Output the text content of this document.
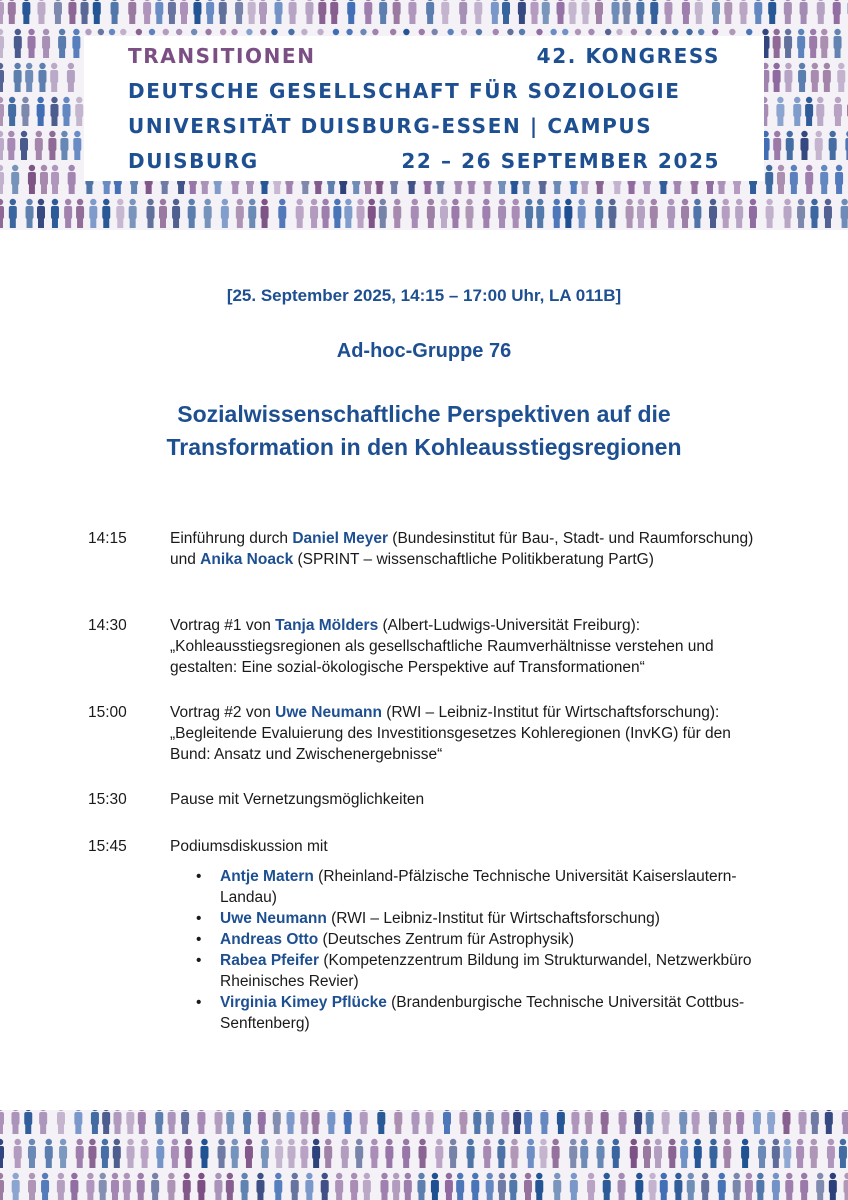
TRANSITIONEN	42. KONGRESS
DEUTSCHE GESELLSCHAFT FÜR SOZIOLOGIE
UNIVERSITÄT DUISBURG-ESSEN | CAMPUS
DUISBURG	22 – 26 SEPTEMBER 2025
[25. September 2025, 14:15 – 17:00 Uhr, LA 011B]
Ad-hoc-Gruppe 76
Sozialwissenschaftliche Perspektiven auf die
Transformation in den Kohleausstiegsregionen
14:15	Einführung durch Daniel Meyer (Bundesinstitut für Bau-, Stadt- und Raumforschung) und Anika Noack (SPRINT – wissenschaftliche Politikberatung PartG)
14:30	Vortrag #1 von Tanja Mölders (Albert-Ludwigs-Universität Freiburg): „Kohleausstiegsregionen als gesellschaftliche Raumverhältnisse verstehen und gestalten: Eine sozial-ökologische Perspektive auf Transformationen“
15:00	Vortrag #2 von Uwe Neumann (RWI – Leibniz-Institut für Wirtschaftsforschung): „Begleitende Evaluierung des Investitionsgesetzes Kohleregionen (InvKG) für den Bund: Ansatz und Zwischenergebnisse“
15:30	Pause mit Vernetzungsmöglichkeiten
15:45	Podiumsdiskussion mit

• Antje Matern (Rheinland-Pfälzische Technische Universität Kaiserslautern-Landau)

• Uwe Neumann (RWI – Leibniz-Institut für Wirtschaftsforschung)

• Andreas Otto (Deutsches Zentrum für Astrophysik)

• Rabea Pfeifer (Kompetenzzentrum Bildung im Strukturwandel, Netzwerkbüro Rheinisches Revier)

• Virginia Kimey Pflücke (Brandenburgische Technische Universität Cottbus-Senftenberg)
